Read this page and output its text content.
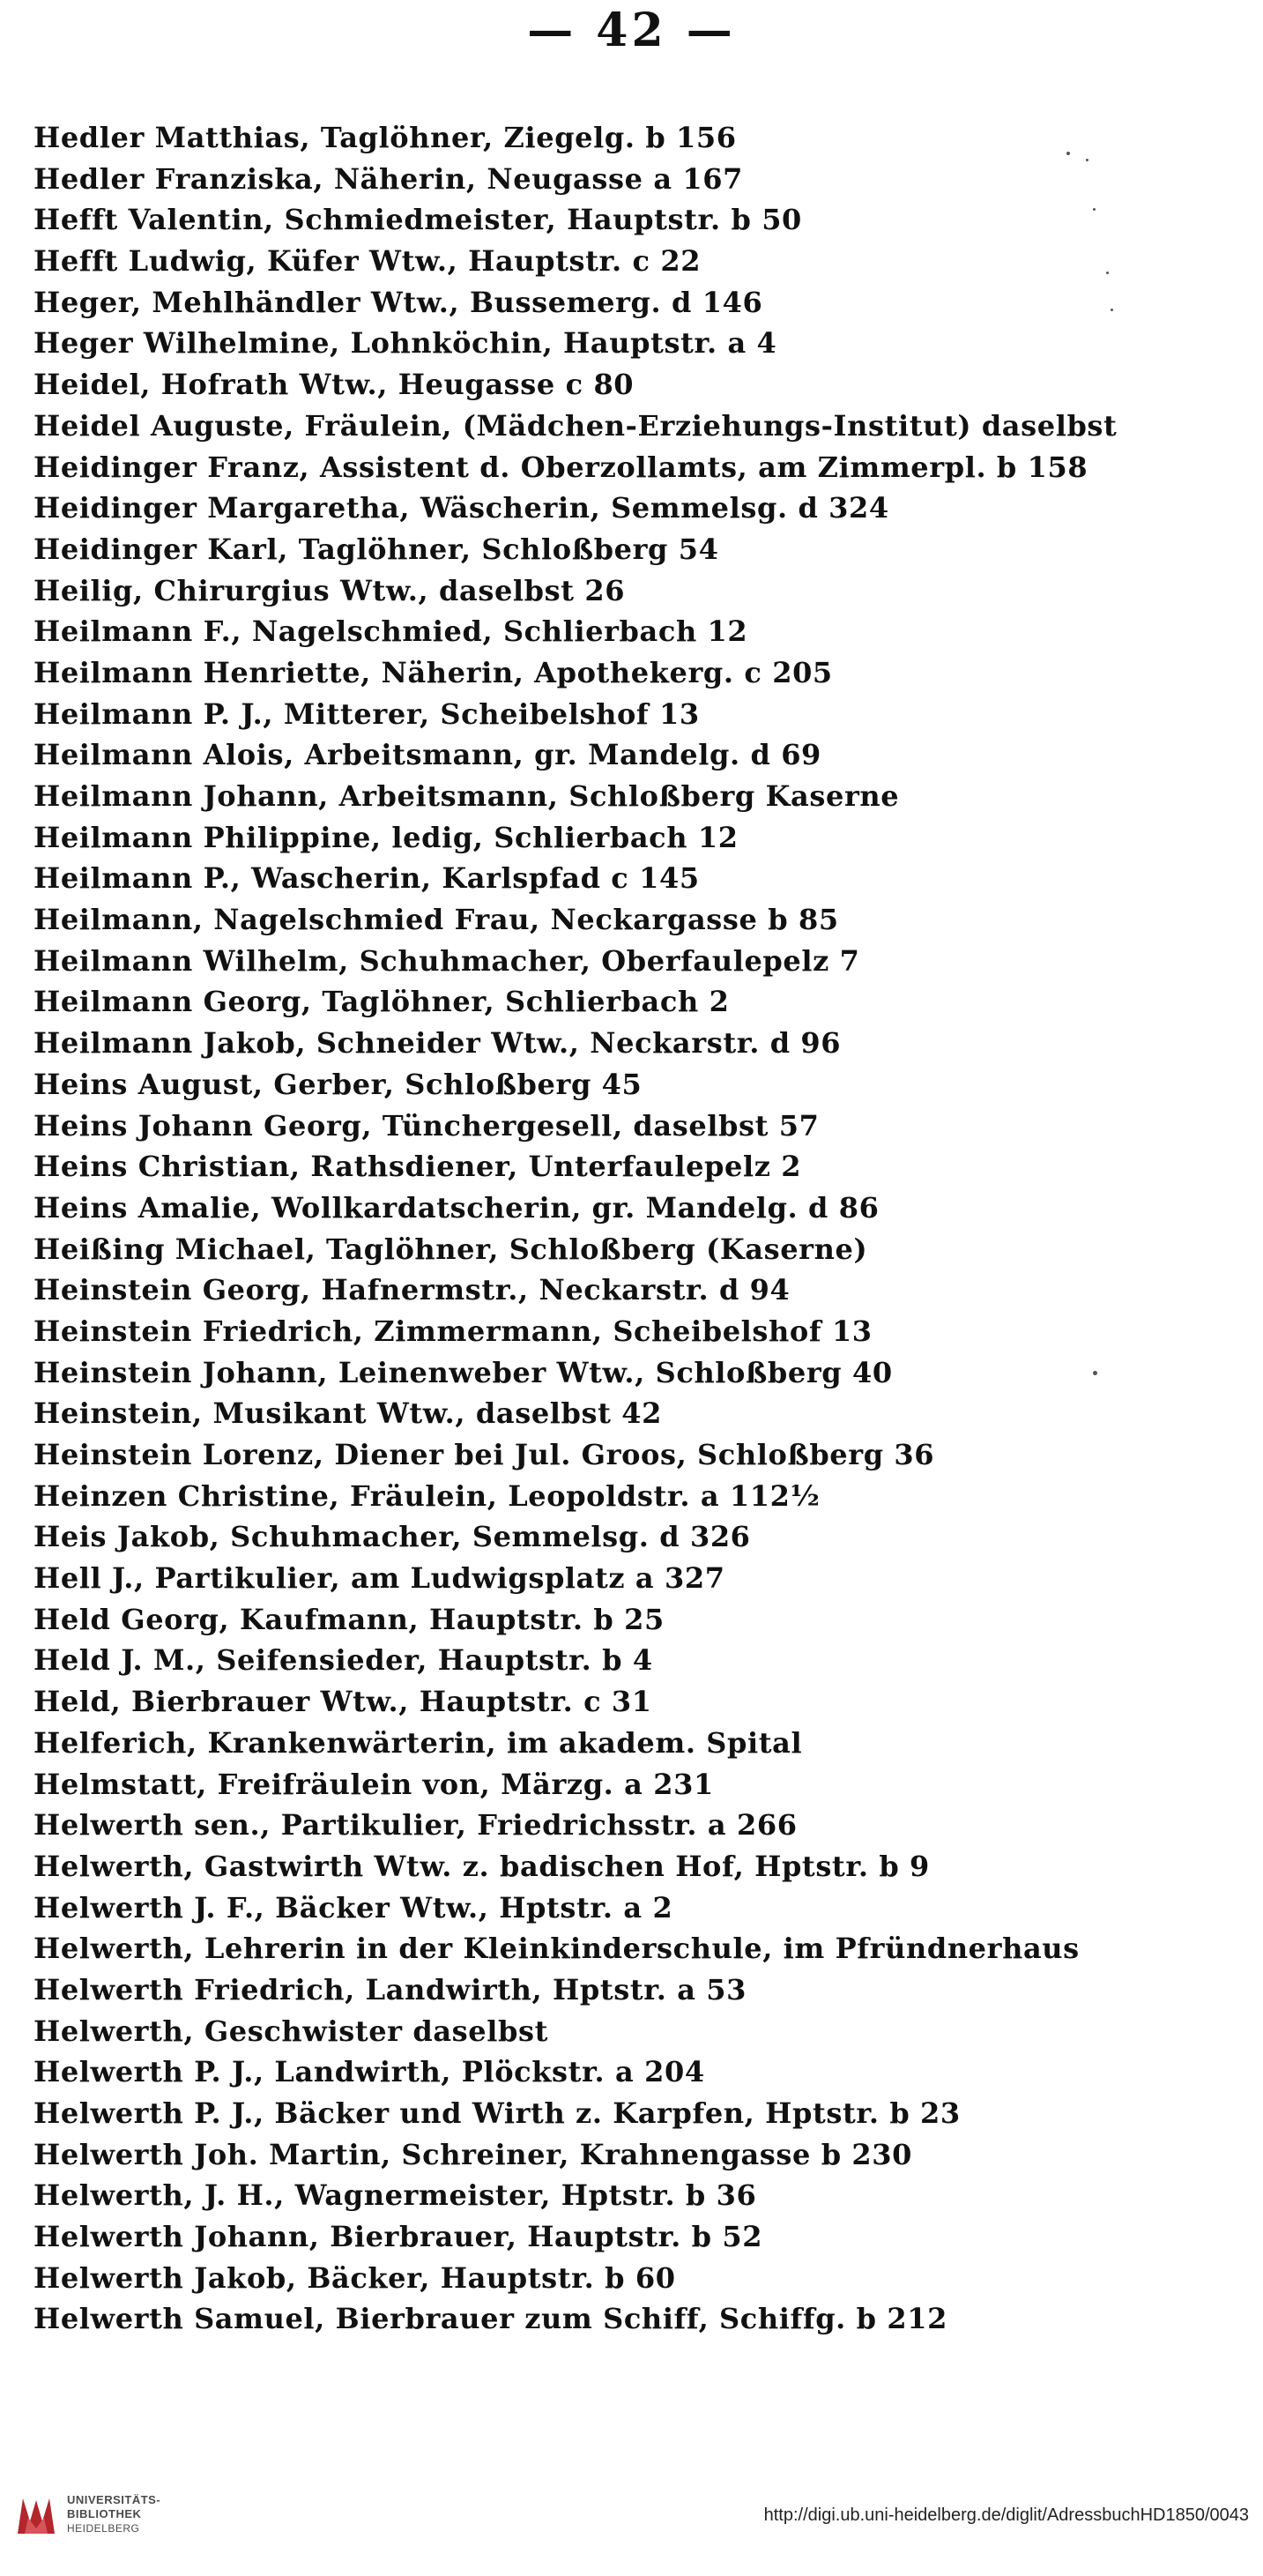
— 42 —
Hedler Matthias, Taglöhner, Ziegelg. b 156
Hedler Franziska, Näherin, Neugasse a 167
Hefft Valentin, Schmiedmeister, Hauptstr. b 50
Hefft Ludwig, Küfer Wtw., Hauptstr. c 22
Heger, Mehlhändler Wtw., Bussemerg. d 146
Heger Wilhelmine, Lohnköchin, Hauptstr. a 4
Heidel, Hofrath Wtw., Heugasse c 80
Heidel Auguste, Fräulein, (Mädchen-Erziehungs-Institut) daselbst
Heidinger Franz, Assistent d. Oberzollamts, am Zimmerpl. b 158
Heidinger Margaretha, Wäscherin, Semmelsg. d 324
Heidinger Karl, Taglöhner, Schloßberg 54
Heilig, Chirurgius Wtw., daselbst 26
Heilmann F., Nagelschmied, Schlierbach 12
Heilmann Henriette, Näherin, Apothekerg. c 205
Heilmann P. J., Mitterer, Scheibelshof 13
Heilmann Alois, Arbeitsmann, gr. Mandelg. d 69
Heilmann Johann, Arbeitsmann, Schloßberg Kaserne
Heilmann Philippine, ledig, Schlierbach 12
Heilmann P., Wascherin, Karlspfad c 145
Heilmann, Nagelschmied Frau, Neckargasse b 85
Heilmann Wilhelm, Schuhmacher, Oberfaulepelz 7
Heilmann Georg, Taglöhner, Schlierbach 2
Heilmann Jakob, Schneider Wtw., Neckarstr. d 96
Heins August, Gerber, Schloßberg 45
Heins Johann Georg, Tünchergesell, daselbst 57
Heins Christian, Rathsdiener, Unterfaulepelz 2
Heins Amalie, Wollkardatscherin, gr. Mandelg. d 86
Heißing Michael, Taglöhner, Schloßberg (Kaserne)
Heinstein Georg, Hafnermstr., Neckarstr. d 94
Heinstein Friedrich, Zimmermann, Scheibelshof 13
Heinstein Johann, Leinenweber Wtw., Schloßberg 40
Heinstein, Musikant Wtw., daselbst 42
Heinstein Lorenz, Diener bei Jul. Groos, Schloßberg 36
Heinzen Christine, Fräulein, Leopoldstr. a 112½
Heis Jakob, Schuhmacher, Semmelsg. d 326
Hell J., Partikulier, am Ludwigsplatz a 327
Held Georg, Kaufmann, Hauptstr. b 25
Held J. M., Seifensieder, Hauptstr. b 4
Held, Bierbrauer Wtw., Hauptstr. c 31
Helferich, Krankenwärterin, im akadem. Spital
Helmstatt, Freifräulein von, Märzg. a 231
Helwerth sen., Partikulier, Friedrichsstr. a 266
Helwerth, Gastwirth Wtw. z. badischen Hof, Hptstr. b 9
Helwerth J. F., Bäcker Wtw., Hptstr. a 2
Helwerth, Lehrerin in der Kleinkinderschule, im Pfründnerhaus
Helwerth Friedrich, Landwirth, Hptstr. a 53
Helwerth, Geschwister daselbst
Helwerth P. J., Landwirth, Plöckstr. a 204
Helwerth P. J., Bäcker und Wirth z. Karpfen, Hptstr. b 23
Helwerth Joh. Martin, Schreiner, Krahnengasse b 230
Helwerth, J. H., Wagnermeister, Hptstr. b 36
Helwerth Johann, Bierbrauer, Hauptstr. b 52
Helwerth Jakob, Bäcker, Hauptstr. b 60
Helwerth Samuel, Bierbrauer zum Schiff, Schiffg. b 212
UNIVERSITÄTS-
BIBLIOTHEK
HEIDELBERG
http://digi.ub.uni-heidelberg.de/diglit/AdressbuchHD1850/0043
